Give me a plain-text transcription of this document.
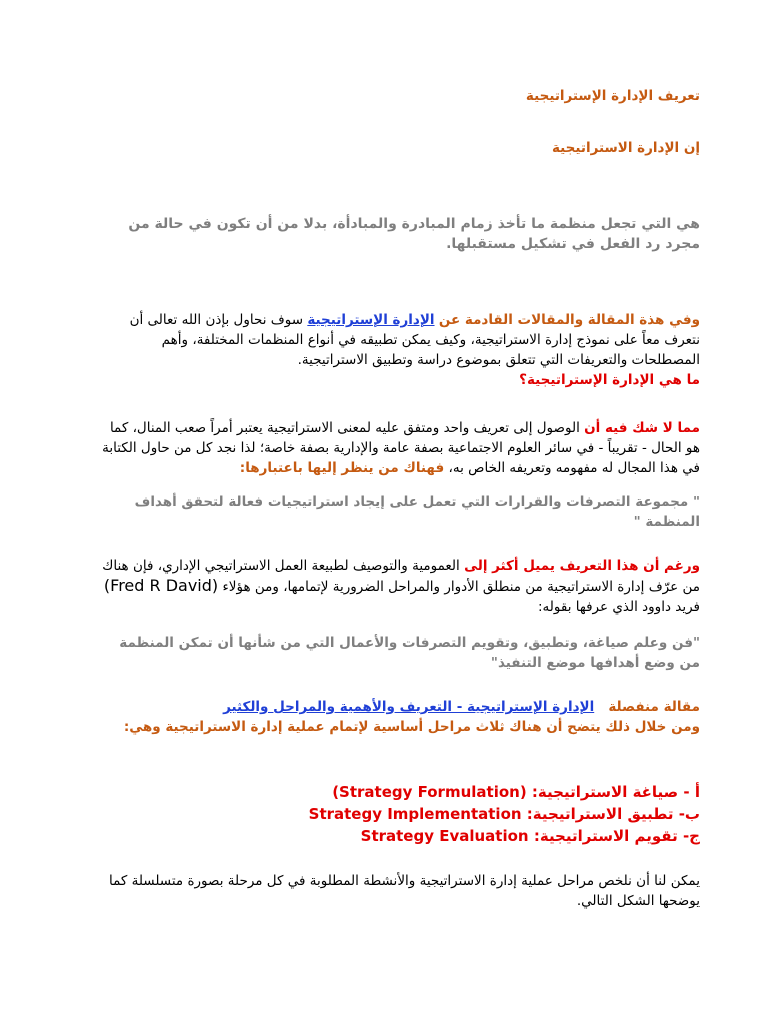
تعريف الإدارة الإستراتيجية

إن الإدارة الاستراتيجية

هي التي تجعل منظمة ما تأخذ زمام المبادرة والمبادأة، بدلا من أن تكون في حالة من مجرد رد الفعل في تشكيل مستقبلها.

وفي هذة المقالة والمقالات القادمة عن الإدارة الإستراتيجية سوف نحاول بإذن الله تعالى أن نتعرف معاً على نموذج إدارة الاستراتيجية، وكيف يمكن تطبيقه في أنواع المنظمات المختلفة، وأهم المصطلحات والتعريفات التي تتعلق بموضوع دراسة وتطبيق الاستراتيجية.

ما هي الإدارة الإستراتيجية؟

مما لا شك فيه أن الوصول إلى تعريف واحد ومتفق عليه لمعنى الاستراتيجية يعتبر أمراً صعب المنال، كما هو الحال - تقريباً - في سائر العلوم الاجتماعية بصفة عامة والإدارية بصفة خاصة؛ لذا نجد كل من حاول الكتابة في هذا المجال له مفهومه وتعريفه الخاص به، فهناك من ينظر إليها باعتبارها:

" مجموعة التصرفات والقرارات التي تعمل على إيجاد استراتيجيات فعالة لتحقق أهداف المنظمة "

ورغم أن هذا التعريف يميل أكثر إلى العمومية والتوصيف لطبيعة العمل الاستراتيجي الإداري، فإن هناك من عرّف إدارة الاستراتيجية من منطلق الأدوار والمراحل الضرورية لإتمامها، ومن هؤلاء (Fred R David) فريد داوود الذي عرفها بقوله:

"فن وعلم صياغة، وتطبيق، وتقويم التصرفات والأعمال التي من شأنها أن تمكن المنظمة من وضع أهدافها موضع التنفيذ"

مقالة منفصلة   الإدارة الإستراتيجية - التعريف والأهمية والمراحل والكثير

ومن خلال ذلك يتضح أن هناك ثلاث مراحل أساسية لإتمام عملية إدارة الاستراتيجية وهي:

أ - صياغة الاستراتيجية: (Strategy Formulation)

ب- تطبيق الاستراتيجية: Strategy Implementation

ج- تقويم الاستراتيجية: Strategy Evaluation

يمكن لنا أن نلخص مراحل عملية إدارة الاستراتيجية والأنشطة المطلوبة في كل مرحلة بصورة متسلسلة كما يوضحها الشكل التالي.
